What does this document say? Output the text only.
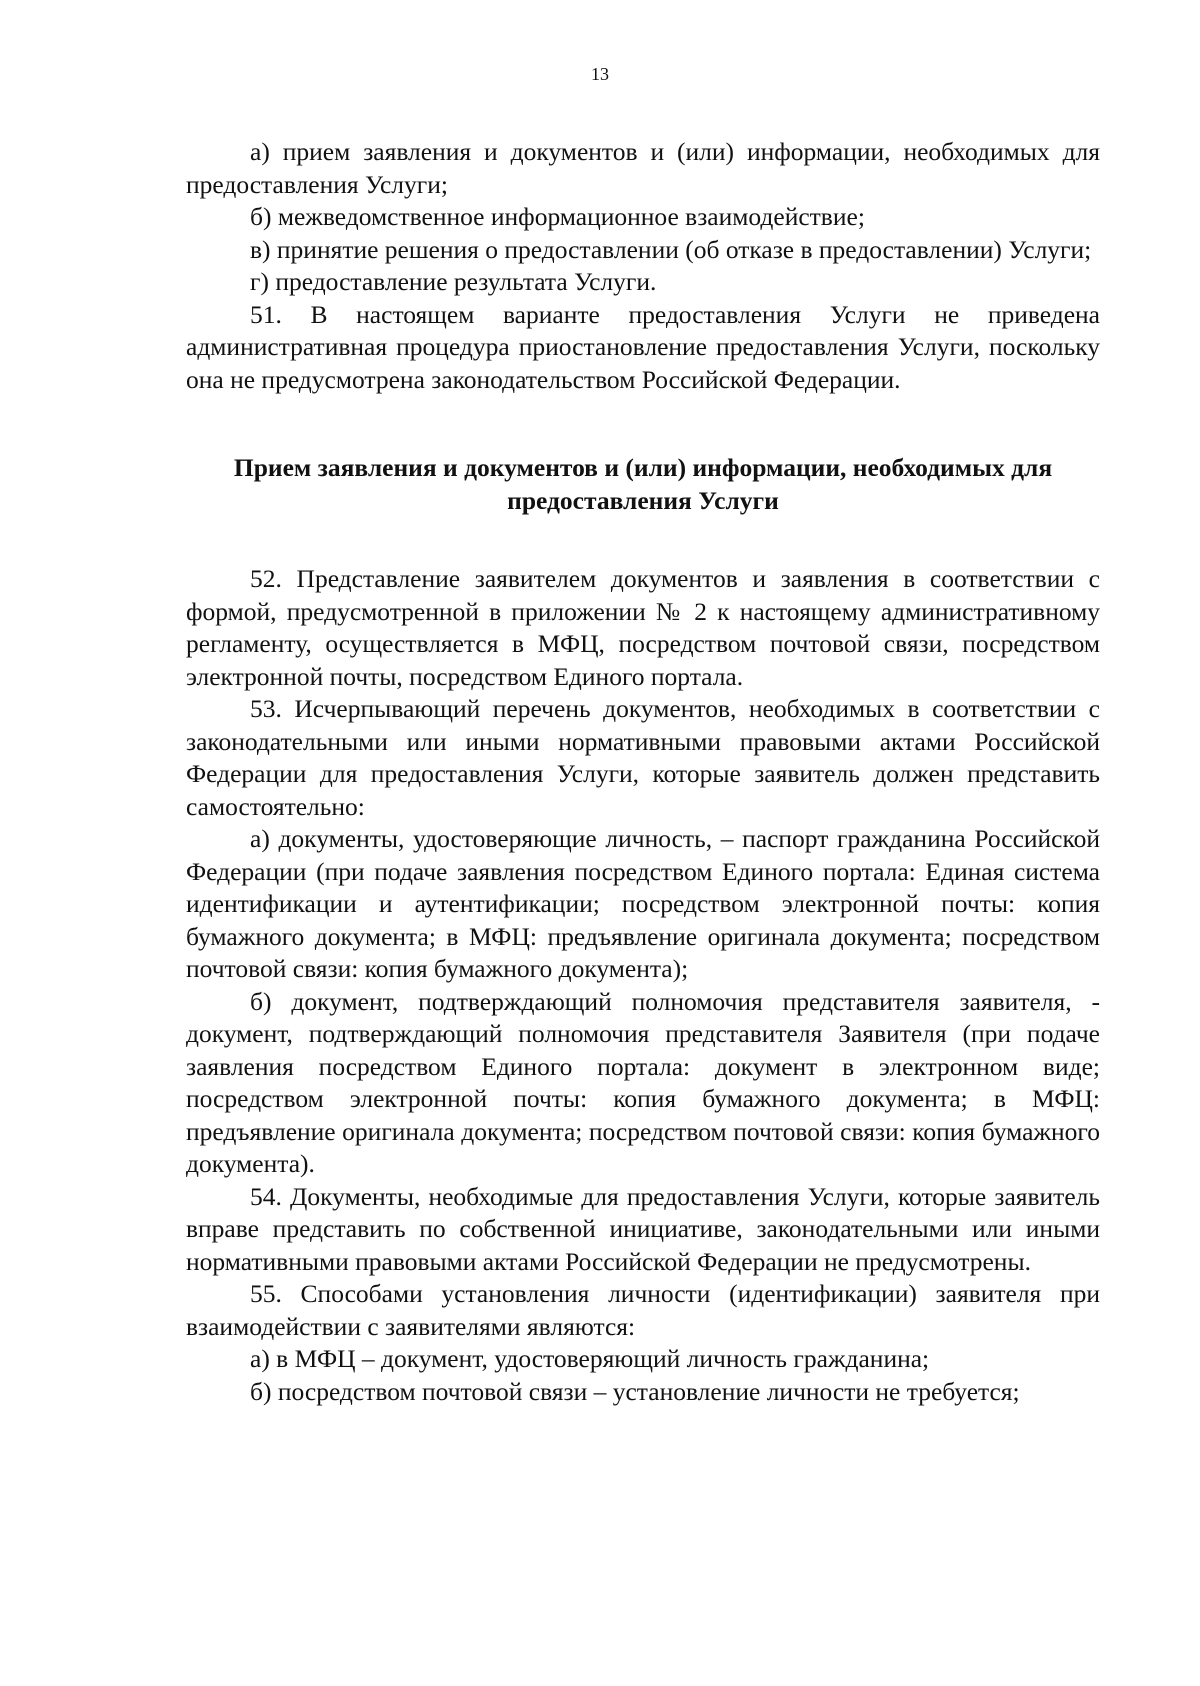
13

а) прием заявления и документов и (или) информации, необходимых для предоставления Услуги;

б) межведомственное информационное взаимодействие;

в) принятие решения о предоставлении (об отказе в предоставлении) Услуги;

г) предоставление результата Услуги.

51. В настоящем варианте предоставления Услуги не приведена административная процедура приостановление предоставления Услуги, поскольку она не предусмотрена законодательством Российской Федерации.

Прием заявления и документов и (или) информации, необходимых для
предоставления Услуги

52. Представление заявителем документов и заявления в соответствии с формой, предусмотренной в приложении № 2 к настоящему административному регламенту, осуществляется в МФЦ, посредством почтовой связи, посредством электронной почты, посредством Единого портала.

53. Исчерпывающий перечень документов, необходимых в соответствии с законодательными или иными нормативными правовыми актами Российской Федерации для предоставления Услуги, которые заявитель должен представить самостоятельно:

а) документы, удостоверяющие личность, – паспорт гражданина Российской Федерации (при подаче заявления посредством Единого портала: Единая система идентификации и аутентификации; посредством электронной почты: копия бумажного документа; в МФЦ: предъявление оригинала документа; посредством почтовой связи: копия бумажного документа);

б) документ, подтверждающий полномочия представителя заявителя, - документ, подтверждающий полномочия представителя Заявителя (при подаче заявления посредством Единого портала: документ в электронном виде; посредством электронной почты: копия бумажного документа; в МФЦ: предъявление оригинала документа; посредством почтовой связи: копия бумажного документа).

54. Документы, необходимые для предоставления Услуги, которые заявитель вправе представить по собственной инициативе, законодательными или иными нормативными правовыми актами Российской Федерации не предусмотрены.

55. Способами установления личности (идентификации) заявителя при взаимодействии с заявителями являются:

а) в МФЦ – документ, удостоверяющий личность гражданина;

б) посредством почтовой связи – установление личности не требуется;
